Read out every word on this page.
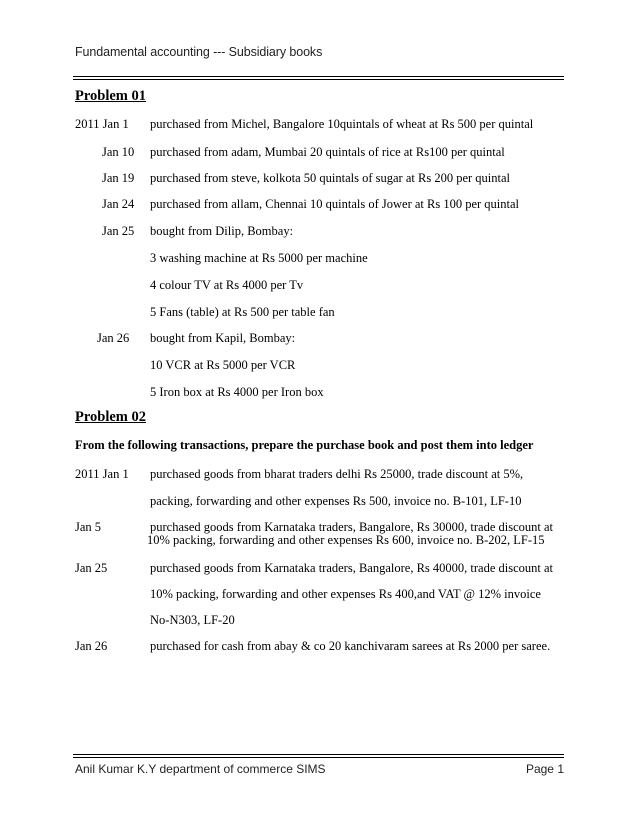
Fundamental accounting --- Subsidiary books
Problem 01
2011 Jan 1 purchased from Michel, Bangalore 10quintals of wheat at Rs 500 per quintal
Jan 10 purchased from adam, Mumbai 20 quintals of rice at Rs100 per quintal
Jan 19 purchased from steve, kolkota 50 quintals of sugar at Rs 200 per quintal
Jan 24 purchased from allam, Chennai 10 quintals of Jower at Rs 100 per quintal
Jan 25 bought from Dilip, Bombay:
3 washing machine at Rs 5000 per machine
4 colour TV at Rs 4000 per Tv
5 Fans (table) at Rs 500 per table fan
Jan 26 bought from Kapil, Bombay:
10 VCR at Rs 5000 per VCR
5 Iron box at Rs 4000 per Iron box
Problem 02
From the following transactions, prepare the purchase book and post them into ledger
2011 Jan 1 purchased goods from bharat traders delhi Rs 25000, trade discount at 5%,
packing, forwarding and other expenses Rs 500, invoice no. B-101, LF-10
Jan 5	purchased goods from Karnataka traders, Bangalore, Rs 30000, trade discount at
10% packing, forwarding and other expenses Rs 600, invoice no. B-202, LF-15
Jan 25	purchased goods from Karnataka traders, Bangalore, Rs 40000, trade discount at
10% packing, forwarding and other expenses Rs 400,and VAT @ 12% invoice
No-N303, LF-20
Jan 26	purchased for cash from abay & co 20 kanchivaram sarees at Rs 2000 per saree.
Anil Kumar K.Y department of commerce SIMS	Page 1
